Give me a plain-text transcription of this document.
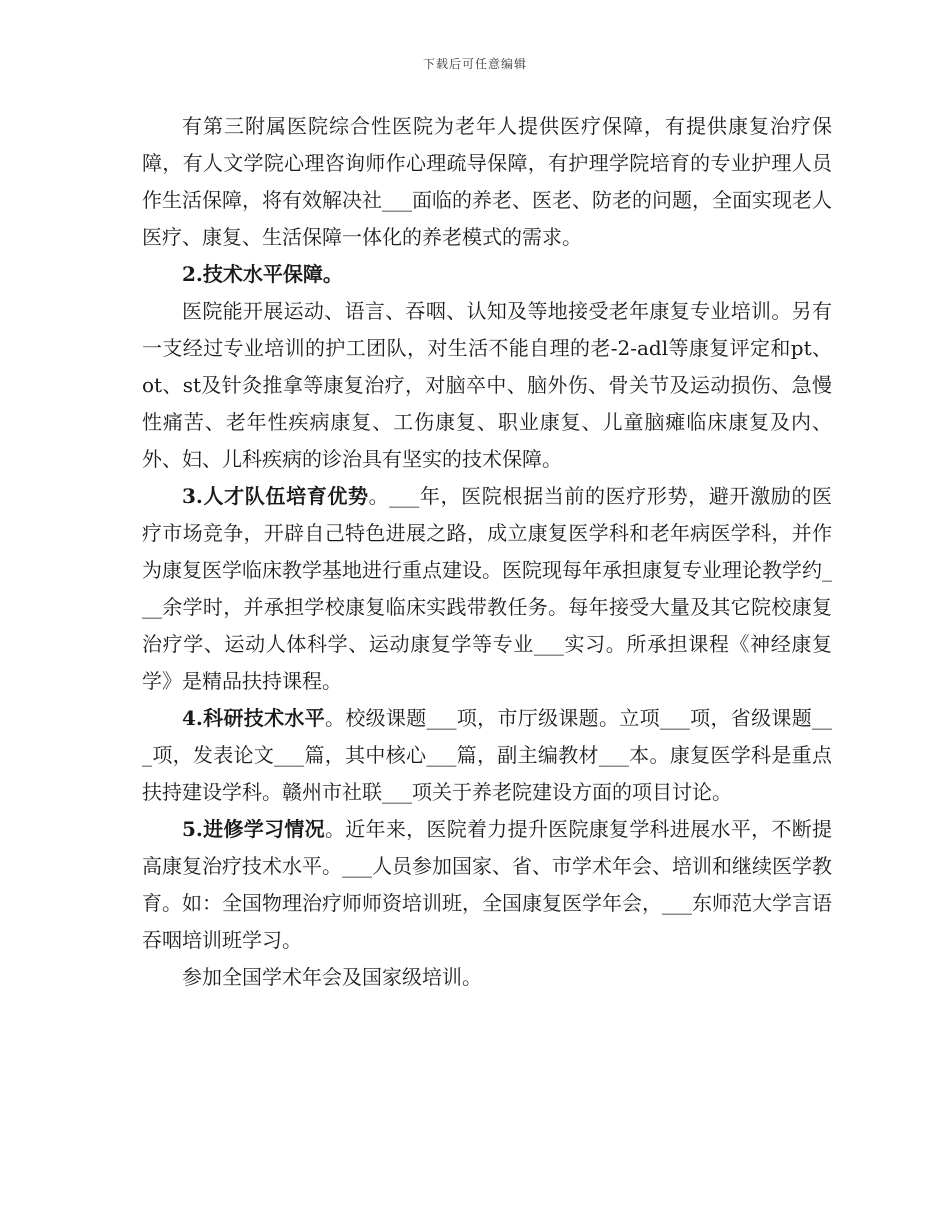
下载后可任意编辑

有第三附属医院综合性医院为老年人提供医疗保障，有提供康复治疗保障，有人文学院心理咨询师作心理疏导保障，有护理学院培育的专业护理人员作生活保障，将有效解决社___面临的养老、医老、防老的问题，全面实现老人医疗、康复、生活保障一体化的养老模式的需求。

2.技术水平保障。

医院能开展运动、语言、吞咽、认知及等地接受老年康复专业培训。另有一支经过专业培训的护工团队，对生活不能自理的老-2-adl等康复评定和pt、ot、st及针灸推拿等康复治疗，对脑卒中、脑外伤、骨关节及运动损伤、急慢性痛苦、老年性疾病康复、工伤康复、职业康复、儿童脑瘫临床康复及内、外、妇、儿科疾病的诊治具有坚实的技术保障。

3.人才队伍培育优势。___年，医院根据当前的医疗形势，避开激励的医疗市场竞争，开辟自己特色进展之路，成立康复医学科和老年病医学科，并作为康复医学临床教学基地进行重点建设。医院现每年承担康复专业理论教学约___余学时，并承担学校康复临床实践带教任务。每年接受大量及其它院校康复治疗学、运动人体科学、运动康复学等专业___实习。所承担课程《神经康复学》是精品扶持课程。

4.科研技术水平。校级课题___项，市厅级课题。立项___项，省级课题___项，发表论文___篇，其中核心___篇，副主编教材___本。康复医学科是重点扶持建设学科。赣州市社联___项关于养老院建设方面的项目讨论。

5.进修学习情况。近年来，医院着力提升医院康复学科进展水平，不断提高康复治疗技术水平。___人员参加国家、省、市学术年会、培训和继续医学教育。如：全国物理治疗师师资培训班，全国康复医学年会，___东师范大学言语吞咽培训班学习。

参加全国学术年会及国家级培训。
